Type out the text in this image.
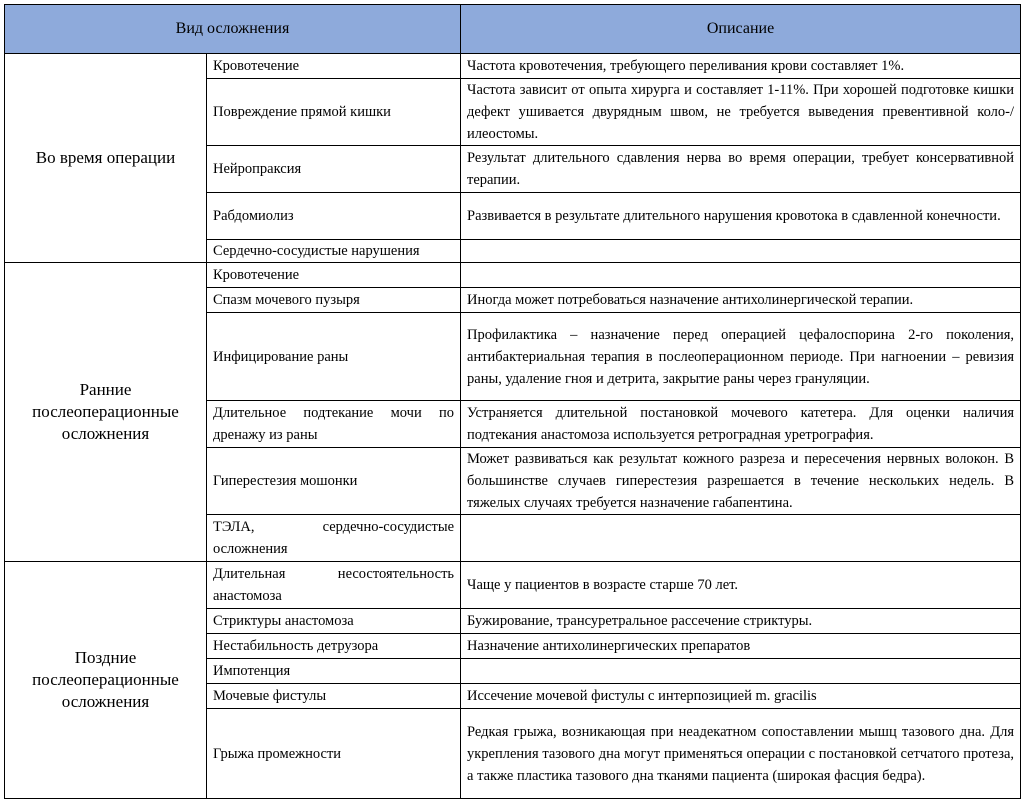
Вид осложнения		Описание
Во время операции	Кровотечение	Частота кровотечения, требующего переливания крови составляет 1%.
	Повреждение прямой кишки	Частота зависит от опыта хирурга и составляет 1-11%. При хорошей подготовке кишки дефект ушивается двурядным швом, не требуется выведения превентивной коло-/илеостомы.
	Нейропраксия	Результат длительного сдавления нерва во время операции, требует консервативной терапии.
	Рабдомиолиз	Развивается в результате длительного нарушения кровотока в сдавленной конечности.
	Сердечно-сосудистые нарушения	
Ранние послеоперационные осложнения	Кровотечение	
	Спазм мочевого пузыря	Иногда может потребоваться назначение антихолинергической терапии.
	Инфицирование раны	Профилактика – назначение перед операцией цефалоспорина 2-го поколения, антибактериальная терапия в послеоперационном периоде. При нагноении – ревизия раны, удаление гноя и детрита, закрытие раны через грануляции.
	Длительное подтекание мочи по дренажу из раны	Устраняется длительной постановкой мочевого катетера. Для оценки наличия подтекания анастомоза используется ретроградная уретрография.
	Гиперестезия мошонки	Может развиваться как результат кожного разреза и пересечения нервных волокон. В большинстве случаев гиперестезия разрешается в течение нескольких недель. В тяжелых случаях требуется назначение габапентина.
	ТЭЛА, сердечно-сосудистые осложнения	
Поздние послеоперационные осложнения	Длительная несостоятельность анастомоза	Чаще у пациентов в возрасте старше 70 лет.
	Стриктуры анастомоза	Бужирование, трансуретральное рассечение стриктуры.
	Нестабильность детрузора	Назначение антихолинергических препаратов
	Импотенция	
	Мочевые фистулы	Иссечение мочевой фистулы с интерпозицией m. gracilis
	Грыжа промежности	Редкая грыжа, возникающая при неадекатном сопоставлении мышц тазового дна. Для укрепления тазового дна могут применяться операции с постановкой сетчатого протеза, а также пластика тазового дна тканями пациента (широкая фасция бедра).
